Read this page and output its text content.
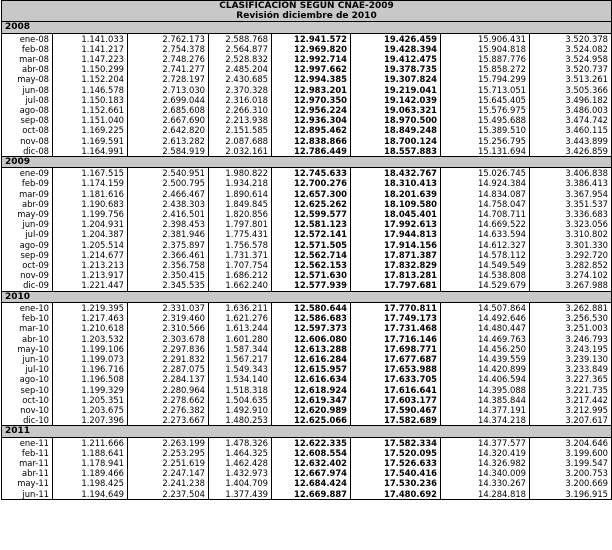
CLASIFICACION SEGUN CNAE-2009							
Revisión diciembre de 2010							
2008							
ene-08	1.141.033	2.762.173	2.588.768	12.941.572	19.426.459	15.906.431	3.520.378
feb-08	1.141.217	2.754.378	2.564.877	12.969.820	19.428.394	15.904.818	3.524.082
mar-08	1.147.223	2.748.276	2.528.832	12.992.714	19.412.475	15.887.776	3.524.958
abr-08	1.150.299	2.741.277	2.485.204	12.997.662	19.378.735	15.858.272	3.520.737
may-08	1.152.204	2.728.197	2.430.685	12.994.385	19.307.824	15.794.299	3.513.261
jun-08	1.146.578	2.713.030	2.370.328	12.983.201	19.219.041	15.713.051	3.505.366
jul-08	1.150.183	2.699.044	2.316.018	12.970.350	19.142.039	15.645.405	3.496.182
ago-08	1.152.661	2.685.608	2.266.310	12.956.224	19.063.321	15.576.975	3.486.003
sep-08	1.151.040	2.667.690	2.213.938	12.936.304	18.970.500	15.495.688	3.474.742
oct-08	1.169.225	2.642.820	2.151.585	12.895.462	18.849.248	15.389.510	3.460.115
nov-08	1.169.591	2.613.282	2.087.688	12.838.866	18.700.124	15.256.795	3.443.899
dic-08	1.164.991	2.584.919	2.032.161	12.786.449	18.557.883	15.131.694	3.426.859
2009							
ene-09	1.167.515	2.540.951	1.980.822	12.745.633	18.432.767	15.026.745	3.406.838
feb-09	1.174.159	2.500.795	1.934.218	12.700.276	18.310.413	14.924.384	3.386.413
mar-09	1.181.616	2.466.467	1.890.614	12.657.300	18.201.639	14.834.087	3.367.954
abr-09	1.190.683	2.438.303	1.849.845	12.625.262	18.109.580	14.758.047	3.351.537
may-09	1.199.756	2.416.501	1.820.856	12.599.577	18.045.401	14.708.711	3.336.683
jun-09	1.204.931	2.398.453	1.797.801	12.581.123	17.992.613	14.669.522	3.323.056
jul-09	1.204.387	2.381.946	1.775.431	12.572.141	17.944.813	14.633.594	3.310.802
ago-09	1.205.514	2.375.897	1.756.578	12.571.505	17.914.156	14.612.327	3.301.330
sep-09	1.214.677	2.366.461	1.731.371	12.562.714	17.871.387	14.578.112	3.292.720
oct-09	1.213.213	2.356.758	1.707.754	12.562.153	17.832.829	14.549.549	3.282.852
nov-09	1.213.917	2.350.415	1.686.212	12.571.630	17.813.281	14.538.808	3.274.102
dic-09	1.221.447	2.345.535	1.662.240	12.577.939	17.797.681	14.529.679	3.267.988
2010							
ene-10	1.219.395	2.331.037	1.636.211	12.580.644	17.770.811	14.507.864	3.262.881
feb-10	1.217.463	2.319.460	1.621.276	12.586.683	17.749.173	14.492.646	3.256.530
mar-10	1.210.618	2.310.566	1.613.244	12.597.373	17.731.468	14.480.447	3.251.003
abr-10	1.203.532	2.303.678	1.601.280	12.606.080	17.716.146	14.469.763	3.246.793
may-10	1.199.106	2.297.836	1.587.344	12.613.288	17.698.771	14.456.250	3.243.195
jun-10	1.199.073	2.291.832	1.567.217	12.616.284	17.677.687	14.439.559	3.239.130
jul-10	1.196.716	2.287.075	1.549.343	12.615.957	17.653.988	14.420.899	3.233.849
ago-10	1.196.508	2.284.137	1.534.140	12.616.634	17.633.705	14.406.594	3.227.365
sep-10	1.199.329	2.280.964	1.518.318	12.618.924	17.616.641	14.395.088	3.221.735
oct-10	1.205.351	2.278.662	1.504.635	12.619.347	17.603.177	14.385.844	3.217.442
nov-10	1.203.675	2.276.382	1.492.910	12.620.989	17.590.467	14.377.191	3.212.995
dic-10	1.207.396	2.273.667	1.480.253	12.625.066	17.582.689	14.374.218	3.207.617
2011							
ene-11	1.211.666	2.263.199	1.478.326	12.622.335	17.582.334	14.377.577	3.204.646
feb-11	1.188.641	2.253.295	1.464.325	12.608.554	17.520.095	14.320.419	3.199.600
mar-11	1.178.941	2.251.619	1.462.428	12.632.402	17.526.633	14.326.982	3.199.547
abr-11	1.189.466	2.247.147	1.432.973	12.667.974	17.540.416	14.340.009	3.200.753
may-11	1.198.425	2.241.238	1.404.709	12.684.424	17.530.236	14.330.267	3.200.669
jun-11	1.194.649	2.237.504	1.377.439	12.669.887	17.480.692	14.284.818	3.196.915
